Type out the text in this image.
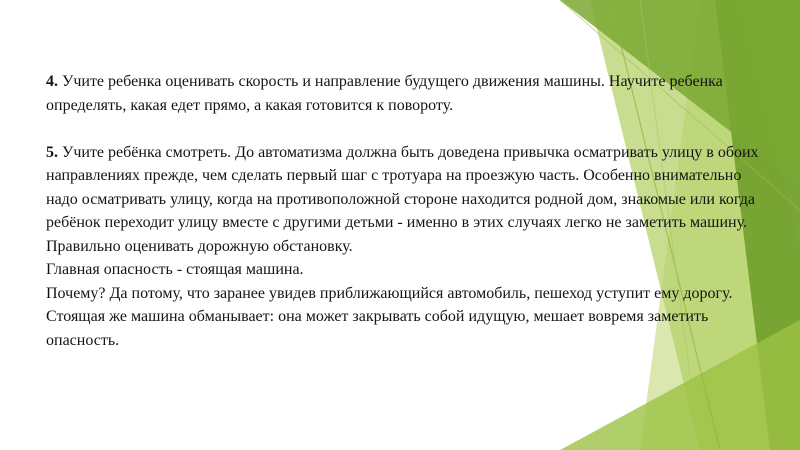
4. Учите ребенка оценивать скорость и направление будущего движения машины. Научите ребенка определять, какая едет прямо, а какая готовится к повороту.

5. Учите ребёнка смотреть. До автоматизма должна быть доведена привычка осматривать улицу в обоих направлениях прежде, чем сделать первый шаг с тротуара на проезжую часть. Особенно внимательно надо осматривать улицу, когда на противоположной стороне находится родной дом, знакомые или когда ребёнок переходит улицу вместе с другими детьми - именно в этих случаях легко не заметить машину.

Правильно оценивать дорожную обстановку.

Главная опасность - стоящая машина.

Почему? Да потому, что заранее увидев приближающийся автомобиль, пешеход уступит ему дорогу. Стоящая же машина обманывает: она может закрывать собой идущую, мешает вовремя заметить опасность.
